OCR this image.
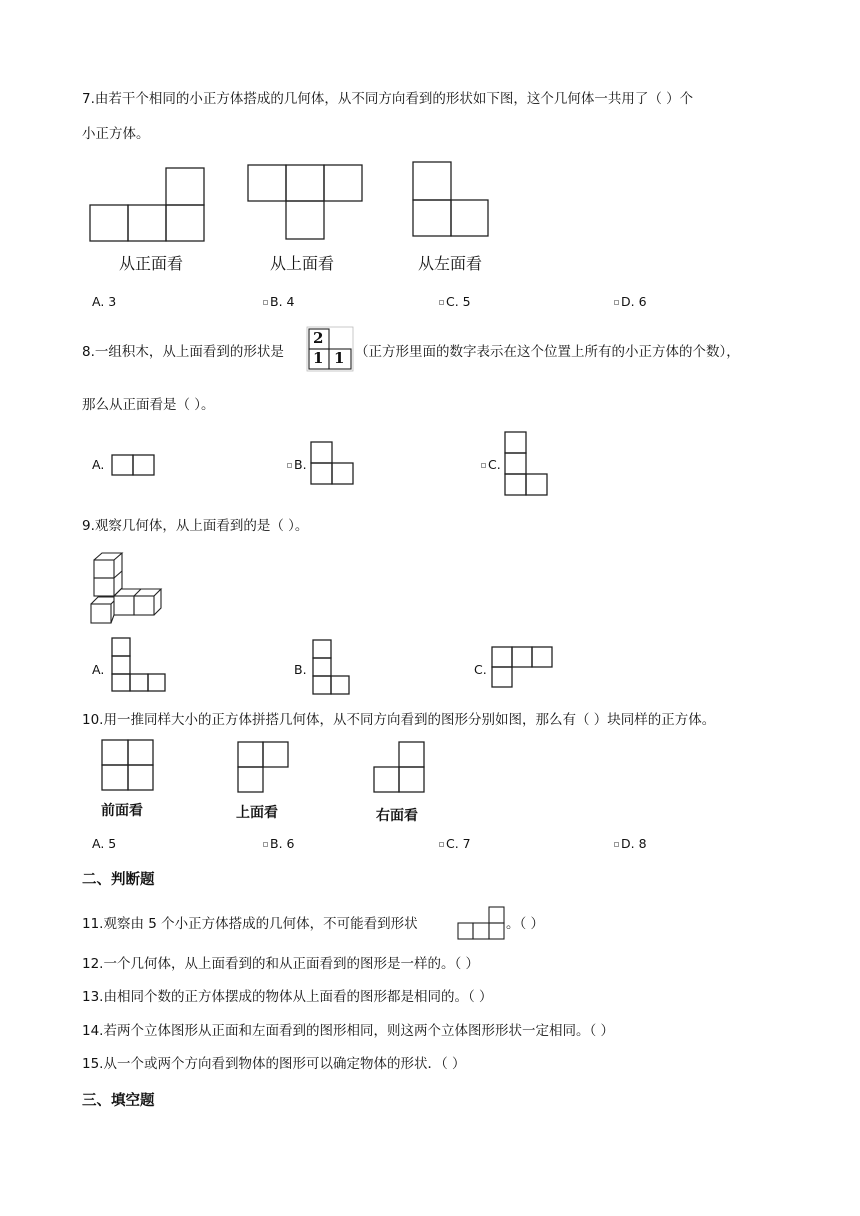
7.由若干个相同的小正方体搭成的几何体，从不同方向看到的形状如下图，这个几何体一共用了（ ）个
小正方体。
从正面看	从上面看	从左面看
A. 3	B. 4	C. 5	D. 6
8.一组积木，从上面看到的形状是
2
1 1 （正方形里面的数字表示在这个位置上所有的小正方体的个数），
那么从正面看是（ ）。
A.	B.	C.
9.观察几何体，从上面看到的是（ ）。
A.	B.	C.
10.用一推同样大小的正方体拼搭几何体，从不同方向看到的图形分别如图，那么有（ ）块同样的正方体。
前面看	上面看	右面看
A. 5	B. 6	C. 7	D. 8
二、判断题
11.观察由 5 个小正方体搭成的几何体，不可能看到形状	。（ ）
12.一个几何体，从上面看到的和从正面看到的图形是一样的。（ ）
13.由相同个数的正方体摆成的物体从上面看的图形都是相同的。（ ）
14.若两个立体图形从正面和左面看到的图形相同，则这两个立体图形形状一定相同。（ ）
15.从一个或两个方向看到物体的图形可以确定物体的形状．（ ）
三、填空题
